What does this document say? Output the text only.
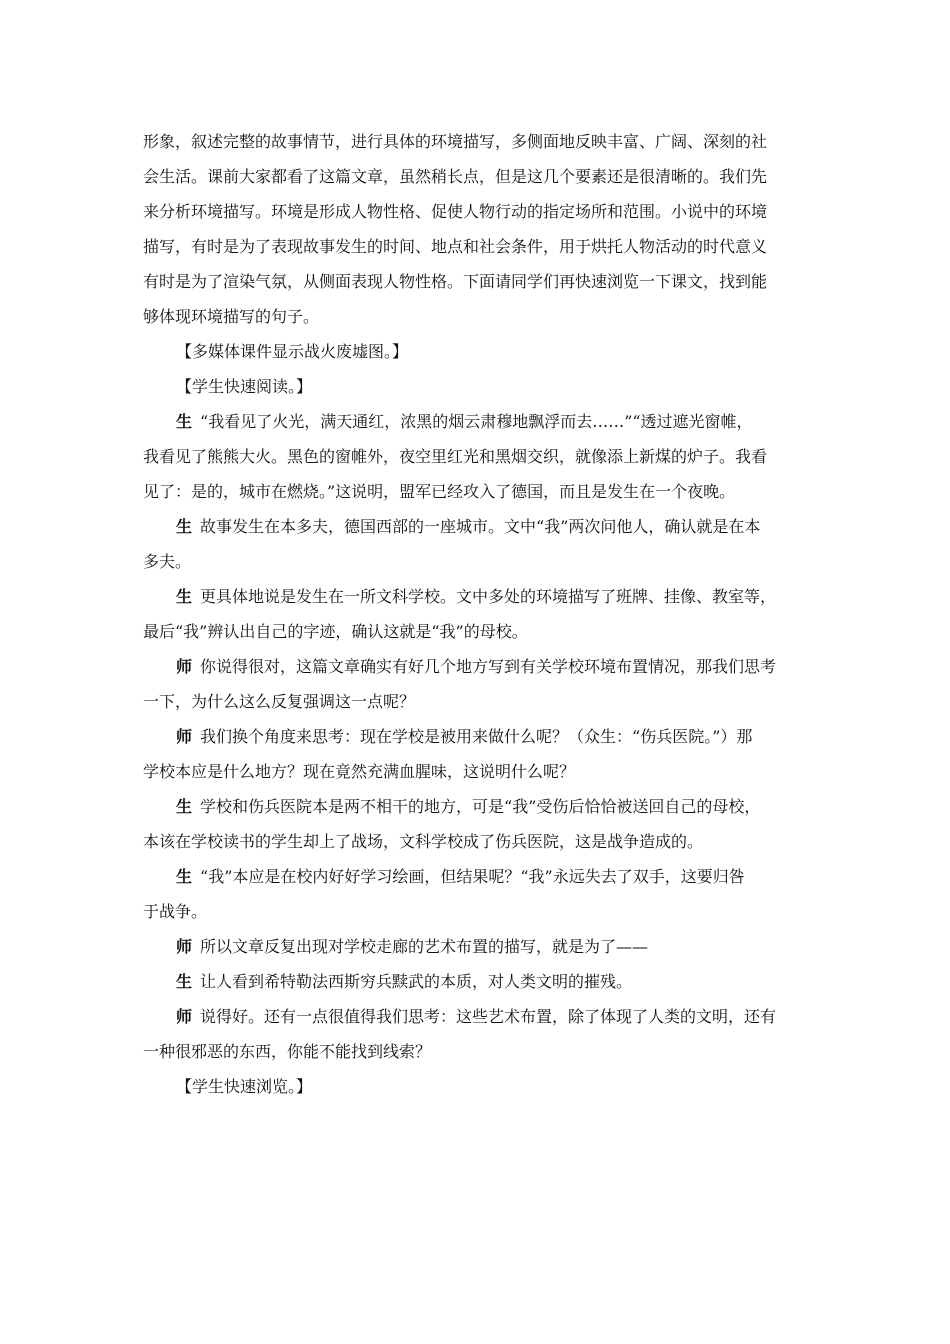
形象，叙述完整的故事情节，进行具体的环境描写，多侧面地反映丰富、广阔、深刻的社
会生活。课前大家都看了这篇文章，虽然稍长点，但是这几个要素还是很清晰的。我们先
来分析环境描写。环境是形成人物性格、促使人物行动的指定场所和范围。小说中的环境
描写，有时是为了表现故事发生的时间、地点和社会条件，用于烘托人物活动的时代意义
有时是为了渲染气氛，从侧面表现人物性格。下面请同学们再快速浏览一下课文，找到能
够体现环境描写的句子。
【多媒体课件显示战火废墟图。】
【学生快速阅读。】
生 “我看见了火光，满天通红，浓黑的烟云肃穆地飘浮而去……”“透过遮光窗帷，
我看见了熊熊大火。黑色的窗帷外，夜空里红光和黑烟交织，就像添上新煤的炉子。我看
见了：是的，城市在燃烧。”这说明，盟军已经攻入了德国，而且是发生在一个夜晚。
生 故事发生在本多夫，德国西部的一座城市。文中“我”两次问他人，确认就是在本
多夫。
生 更具体地说是发生在一所文科学校。文中多处的环境描写了班牌、挂像、教室等，
最后“我”辨认出自己的字迹，确认这就是“我”的母校。
师 你说得很对，这篇文章确实有好几个地方写到有关学校环境布置情况，那我们思考
一下，为什么这么反复强调这一点呢？
师 我们换个角度来思考：现在学校是被用来做什么呢？（众生：“伤兵医院。”）那
学校本应是什么地方？现在竟然充满血腥味，这说明什么呢？
生 学校和伤兵医院本是两不相干的地方，可是“我”受伤后恰恰被送回自己的母校，
本该在学校读书的学生却上了战场，文科学校成了伤兵医院，这是战争造成的。
生 “我”本应是在校内好好学习绘画，但结果呢？“我”永远失去了双手，这要归咎
于战争。
师 所以文章反复出现对学校走廊的艺术布置的描写，就是为了——
生 让人看到希特勒法西斯穷兵黩武的本质，对人类文明的摧残。
师 说得好。还有一点很值得我们思考：这些艺术布置，除了体现了人类的文明，还有
一种很邪恶的东西，你能不能找到线索？
【学生快速浏览。】
